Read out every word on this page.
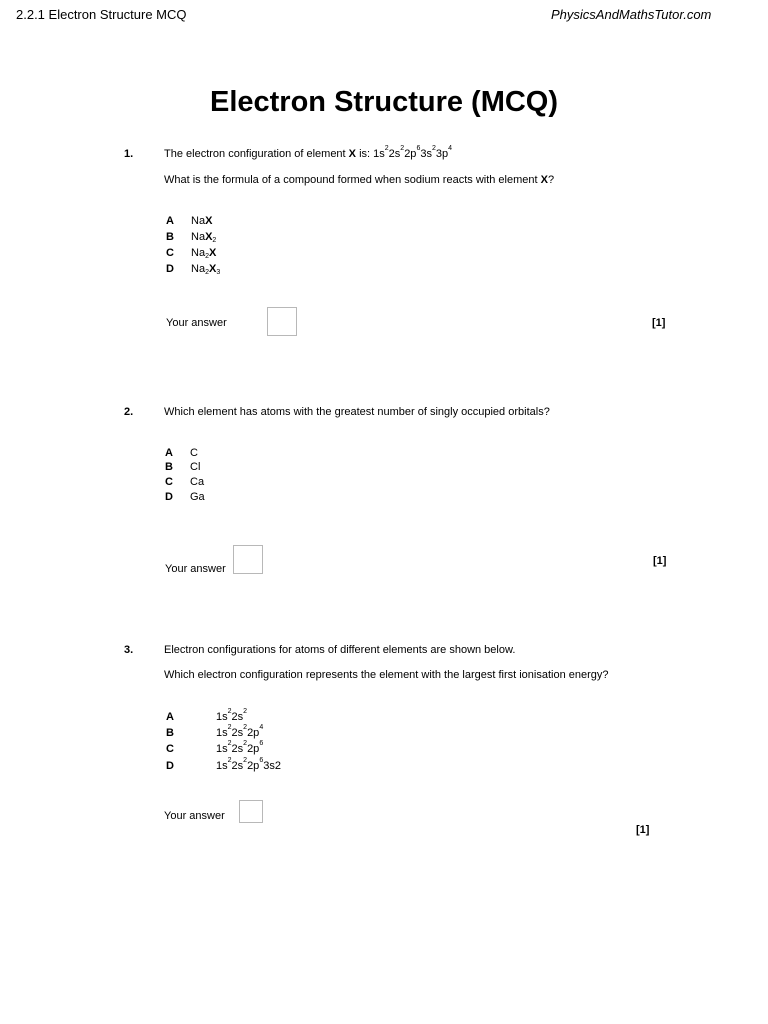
2.2.1 Electron Structure MCQ	PhysicsAndMathsTutor.com
Electron Structure (MCQ)
1.	The electron configuration of element X is: $1s^22s^22p^63s^23p^4$
What is the formula of a compound formed when sodium reacts with element X?
A NaX
B NaX$_2$
C $Na_2X$
D $Na_2X_3$
Your answer	[1]
2.	Which element has atoms with the greatest number of singly occupied orbitals?
A C
B Cl
C Ca
D Ga
Your answer
[1]
3.	Electron configurations for atoms of different elements are shown below.
Which electron configuration represents the element with the largest first ionisation energy?
A	$1s^22s^2$
B	$1s^22s^22p^4$
C	$1s^22s^22p^6$
D	$1s^22s^22p^63s2$
Your answer
[1]
